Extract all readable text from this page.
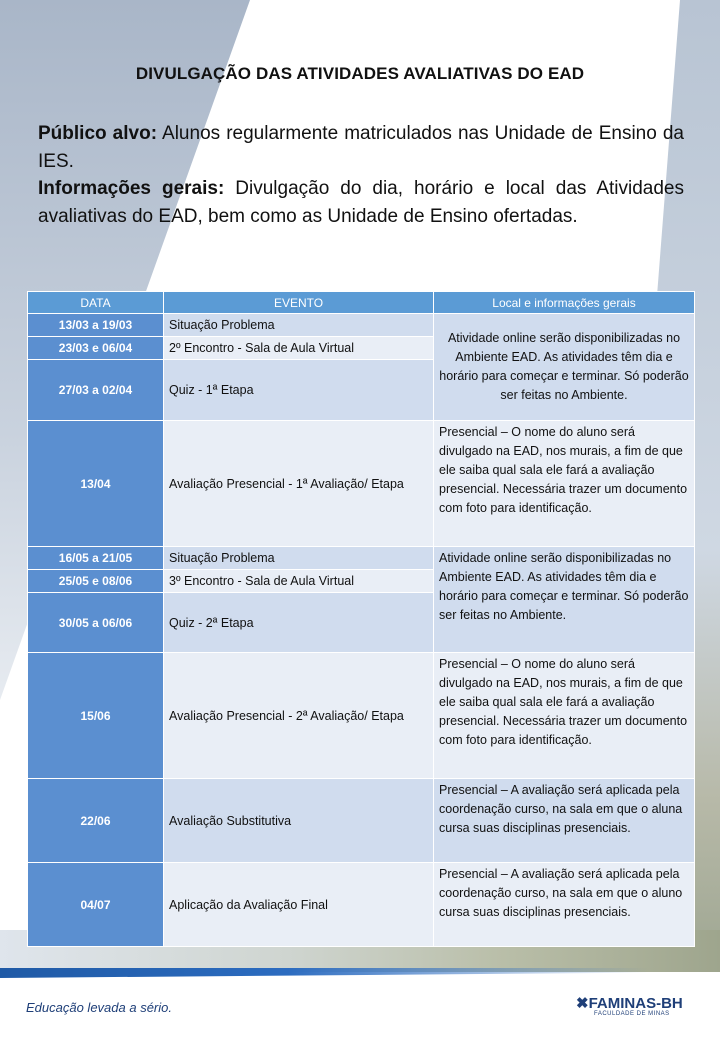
DIVULGAÇÃO DAS ATIVIDADES AVALIATIVAS DO EAD
Público alvo: Alunos regularmente matriculados nas Unidade de Ensino da IES.
Informações gerais: Divulgação do dia, horário e local das Atividades avaliativas do EAD, bem como as Unidade de Ensino ofertadas.
DATA	EVENTO	Local e informações gerais
13/03 a 19/03	Situação Problema	Atividade online serão disponibilizadas no Ambiente EAD. As atividades têm dia e horário para começar e terminar. Só poderão ser feitas no Ambiente.
23/03 e 06/04	2º Encontro - Sala de Aula Virtual	
27/03 a 02/04	Quiz - 1ª Etapa	
13/04	Avaliação Presencial - 1ª Avaliação/ Etapa	Presencial – O nome do aluno será divulgado na EAD, nos murais, a fim de que ele saiba qual sala ele fará a avaliação presencial. Necessária trazer um documento com foto para identificação.
16/05 a 21/05	Situação Problema	Atividade online serão disponibilizadas no Ambiente EAD. As atividades têm dia e horário para começar e terminar. Só poderão ser feitas no Ambiente.
25/05 e 08/06	3º Encontro - Sala de Aula Virtual	
30/05 a 06/06	Quiz - 2ª Etapa	
15/06	Avaliação Presencial - 2ª Avaliação/ Etapa	Presencial – O nome do aluno será divulgado na EAD, nos murais, a fim de que ele saiba qual sala ele fará a avaliação presencial. Necessária trazer um documento com foto para identificação.
22/06	Avaliação Substitutiva	Presencial – A avaliação será aplicada pela coordenação curso, na sala em que o aluna cursa suas disciplinas presenciais.
04/07	Aplicação da Avaliação Final	Presencial – A avaliação será aplicada pela coordenação curso, na sala em que o aluno cursa suas disciplinas presenciais.
Educação levada a sério.	✖FAMINAS-BH
FACULDADE DE MINAS
